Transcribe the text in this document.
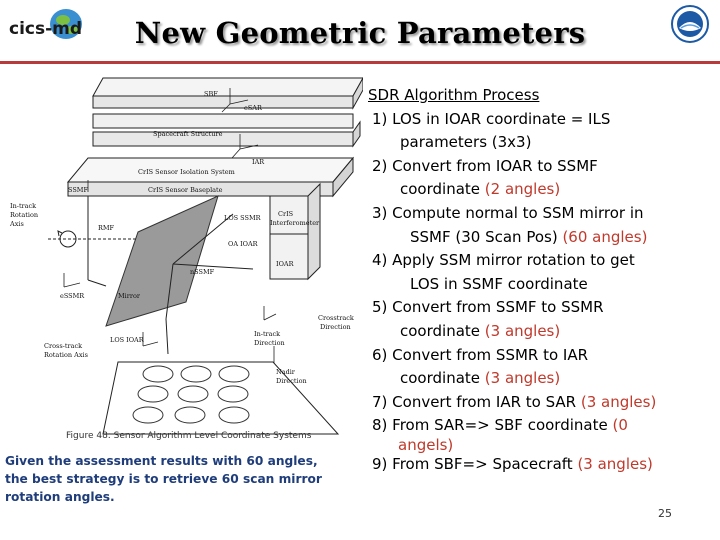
cics-md	New Geometric Parameters
SBF
eSAR
Spacecraft Structure
CrIS Sensor Isolation System
IAR
SSMF	CrIS Sensor Baseplate
In-track
Rotation
Axis	RMF
LOS SSMR	CrIS
Interferometer
OA IOAR
IOAR
nSSMF
eSSMR	Mirror
Crosstrack
Direction
In-track
Direction
LOS IOAR
Cross-track
Rotation Axis
Nadir
Direction
Figure 48: Sensor Algorithm Level Coordinate Systems
Given the assessment results with 60 angles,
the best strategy is to retrieve 60 scan mirror
rotation angles.
SDR Algorithm Process
1) LOS in IOAR coordinate = ILS
parameters (3x3)
2) Convert from IOAR to SSMF
coordinate (2 angles)
3) Compute normal to SSM mirror in
SSMF (30 Scan Pos) (60 angles)
4) Apply SSM mirror rotation to get
LOS in SSMF coordinate
5) Convert from SSMF to SSMR
coordinate (3 angles)
6) Convert from SSMR to IAR
coordinate (3 angles)
7) Convert from IAR to SAR (3 angles)
8) From SAR=> SBF coordinate (0
angels)
9) From SBF=> Spacecraft (3 angles)
25
